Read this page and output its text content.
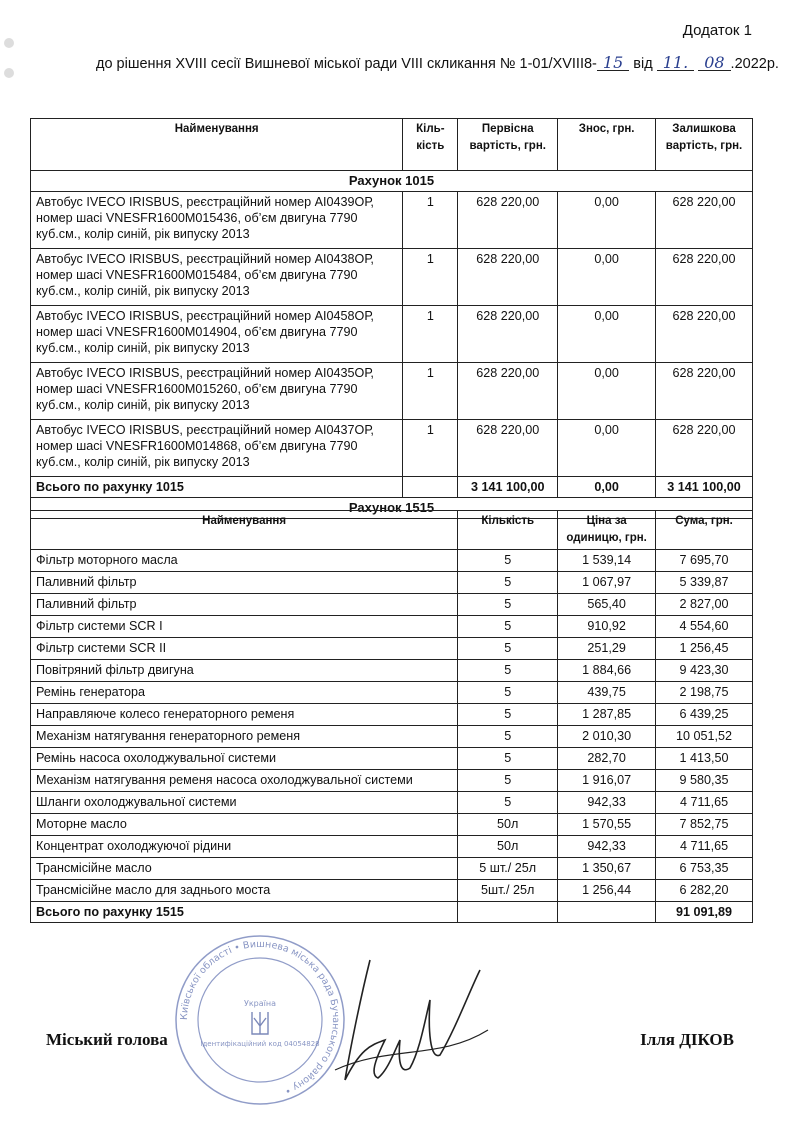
Додаток 1
до рішення XVIII сесії Вишневої міської ради VIII скликання № 1-01/XVIII8- 15 від 11. 08 .2022р.
Найменування	Кіль-кість	Первісна вартість, грн.	Знос, грн.	Залишкова вартість, грн.
Рахунок 1015				
Автобус IVECO IRISBUS, реєстраційний номер АІ0439ОР, номер шасі VNESFR1600M015436, об’єм двигуна 7790 куб.см., колір синій, рік випуску 2013	1	628 220,00	0,00	628 220,00
Автобус IVECO IRISBUS, реєстраційний номер АІ0438ОР, номер шасі VNESFR1600M015484, об’єм двигуна 7790 куб.см., колір синій, рік випуску 2013	1	628 220,00	0,00	628 220,00
Автобус IVECO IRISBUS, реєстраційний номер АІ0458ОР, номер шасі VNESFR1600M014904, об’єм двигуна 7790 куб.см., колір синій, рік випуску 2013	1	628 220,00	0,00	628 220,00
Автобус IVECO IRISBUS, реєстраційний номер АІ0435ОР, номер шасі VNESFR1600M015260, об’єм двигуна 7790 куб.см., колір синій, рік випуску 2013	1	628 220,00	0,00	628 220,00
Автобус IVECO IRISBUS, реєстраційний номер АІ0437ОР, номер шасі VNESFR1600M014868, об’єм двигуна 7790 куб.см., колір синій, рік випуску 2013	1	628 220,00	0,00	628 220,00
Всього по рахунку 1015		3 141 100,00	0,00	3 141 100,00
Рахунок 1515				
Найменування	Кількість	Ціна за одиницю, грн.	Сума, грн.
Фільтр моторного масла	5	1 539,14	7 695,70
Паливний фільтр	5	1 067,97	5 339,87
Паливний фільтр	5	565,40	2 827,00
Фільтр системи SCR I	5	910,92	4 554,60
Фільтр системи SCR II	5	251,29	1 256,45
Повітряний фільтр двигуна	5	1 884,66	9 423,30
Ремінь генератора	5	439,75	2 198,75
Направляюче колесо генераторного ременя	5	1 287,85	6 439,25
Механізм натягування генераторного ременя	5	2 010,30	10 051,52
Ремінь насоса охолоджувальної системи	5	282,70	1 413,50
Механізм натягування ременя насоса охолоджувальної системи	5	1 916,07	9 580,35
Шланги охолоджувальної системи	5	942,33	4 711,65
Моторне масло	50л	1 570,55	7 852,75
Концентрат охолоджуючої рідини	50л	942,33	4 711,65
Трансмісійне масло	5 шт./ 25л	1 350,67	6 753,35
Трансмісійне масло для заднього моста	5шт./ 25л	1 256,44	6 282,20
Всього по рахунку 1515			91 091,89
Київської області • Вишнева міська рада Бучанського району •
Україна
Ідентифікаційний код 04054828
Міський голова	Ілля ДІКОВ
